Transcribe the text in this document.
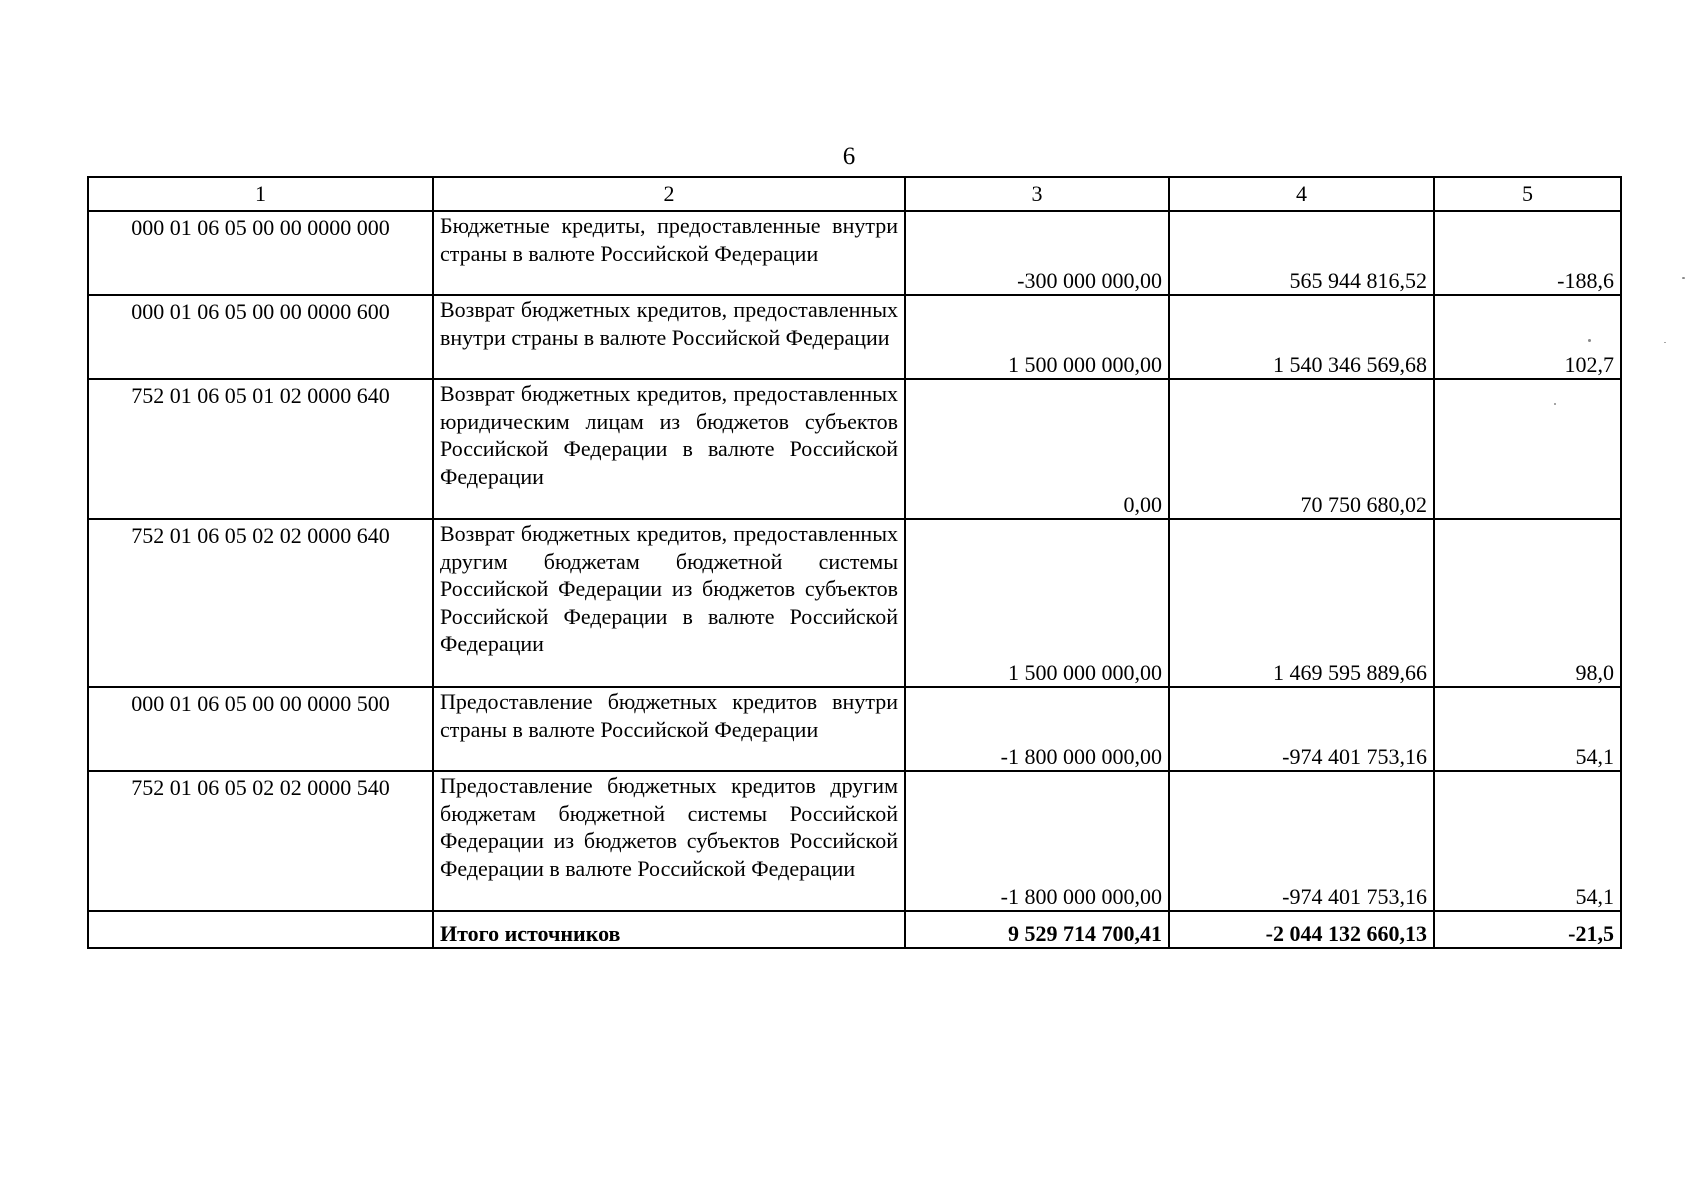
6
1	2	3	4	5
000 01 06 05 00 00 0000 000	Бюджетные кредиты, предоставленные внутри страны в валюте Российской Федерации	-300 000 000,00	565 944 816,52	-188,6
000 01 06 05 00 00 0000 600	Возврат бюджетных кредитов, предоставленных внутри страны в валюте Российской Федерации	1 500 000 000,00	1 540 346 569,68	102,7
752 01 06 05 01 02 0000 640	Возврат бюджетных кредитов, предоставленных юридическим лицам из бюджетов субъектов Российской Федерации в валюте Российской Федерации	0,00	70 750 680,02	
752 01 06 05 02 02 0000 640	Возврат бюджетных кредитов, предоставленных другим бюджетам бюджетной системы Российской Федерации из бюджетов субъектов Российской Федерации в валюте Российской Федерации	1 500 000 000,00	1 469 595 889,66	98,0
000 01 06 05 00 00 0000 500	Предоставление бюджетных кредитов внутри страны в валюте Российской Федерации	-1 800 000 000,00	-974 401 753,16	54,1
752 01 06 05 02 02 0000 540	Предоставление бюджетных кредитов другим бюджетам бюджетной системы Российской Федерации из бюджетов субъектов Российской Федерации в валюте Российской Федерации	-1 800 000 000,00	-974 401 753,16	54,1
	Итого источников	9 529 714 700,41	-2 044 132 660,13	-21,5
